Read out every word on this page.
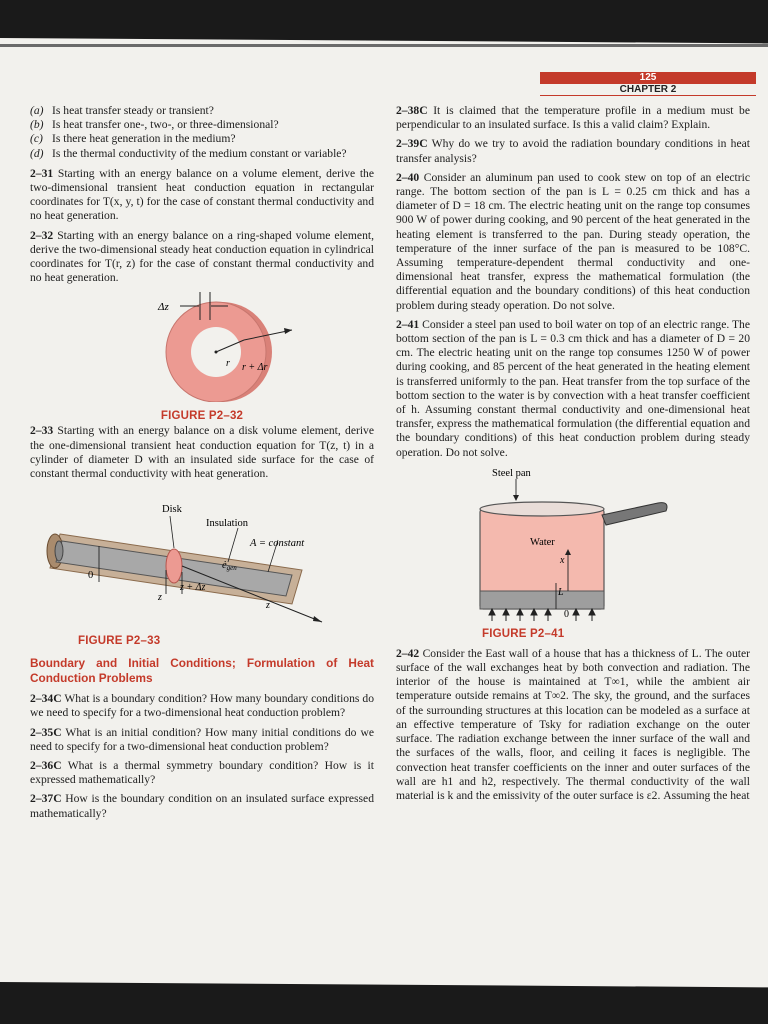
125
CHAPTER 2
(a) Is heat transfer steady or transient?
(b) Is heat transfer one-, two-, or three-dimensional?
(c) Is there heat generation in the medium?
(d) Is the thermal conductivity of the medium constant or variable?

2–31 Starting with an energy balance on a volume element, derive the two-dimensional transient heat conduction equation in rectangular coordinates for T(x, y, t) for the case of constant thermal conductivity and no heat generation.

2–32 Starting with an energy balance on a ring-shaped volume element, derive the two-dimensional steady heat conduction equation in cylindrical coordinates for T(r, z) for the case of constant thermal conductivity and no heat generation.

Δz
r r + Δr
FIGURE P2–32

2–33 Starting with an energy balance on a disk volume element, derive the one-dimensional transient heat conduction equation for T(z, t) in a cylinder of diameter D with an insulated side surface for the case of constant thermal conductivity with heat generation.

Disk
Insulation
A = constant
ėgen
0
z
z + Δz
z
FIGURE P2–33
Boundary and Initial Conditions; Formulation of Heat Conduction Problems

2–34C What is a boundary condition? How many boundary conditions do we need to specify for a two-dimensional heat conduction problem?

2–35C What is an initial condition? How many initial conditions do we need to specify for a two-dimensional heat conduction problem?

2–36C What is a thermal symmetry boundary condition? How is it expressed mathematically?

2–37C How is the boundary condition on an insulated surface expressed mathematically?

2–38C It is claimed that the temperature profile in a medium must be perpendicular to an insulated surface. Is this a valid claim? Explain.

2–39C Why do we try to avoid the radiation boundary conditions in heat transfer analysis?

2–40 Consider an aluminum pan used to cook stew on top of an electric range. The bottom section of the pan is L = 0.25 cm thick and has a diameter of D = 18 cm. The electric heating unit on the range top consumes 900 W of power during cooking, and 90 percent of the heat generated in the heating element is transferred to the pan. During steady operation, the temperature of the inner surface of the pan is measured to be 108°C. Assuming temperature-dependent thermal conductivity and one-dimensional heat transfer, express the mathematical formulation (the differential equation and the boundary conditions) of this heat conduction problem during steady operation. Do not solve.

2–41 Consider a steel pan used to boil water on top of an electric range. The bottom section of the pan is L = 0.3 cm thick and has a diameter of D = 20 cm. The electric heating unit on the range top consumes 1250 W of power during cooking, and 85 percent of the heat generated in the heating element is transferred uniformly to the pan. Heat transfer from the top surface of the bottom section to the water is by convection with a heat transfer coefficient of h. Assuming constant thermal conductivity and one-dimensional heat transfer, express the mathematical formulation (the differential equation and the boundary conditions) of this heat conduction problem during steady operation. Do not solve.

Steel pan
Water
x
L
0
FIGURE P2–41

2–42 Consider the East wall of a house that has a thickness of L. The outer surface of the wall exchanges heat by both convection and radiation. The interior of the house is maintained at T∞1, while the ambient air temperature outside remains at T∞2. The sky, the ground, and the surfaces of the surrounding structures at this location can be modeled as a surface at an effective temperature of Tsky for radiation exchange on the outer surface. The radiation exchange between the inner surface of the wall and the surfaces of the walls, floor, and ceiling it faces is negligible. The convection heat transfer coefficients on the inner and outer surfaces of the wall are h1 and h2, respectively. The thermal conductivity of the wall material is k and the emissivity of the outer surface is ε2. Assuming the heat
